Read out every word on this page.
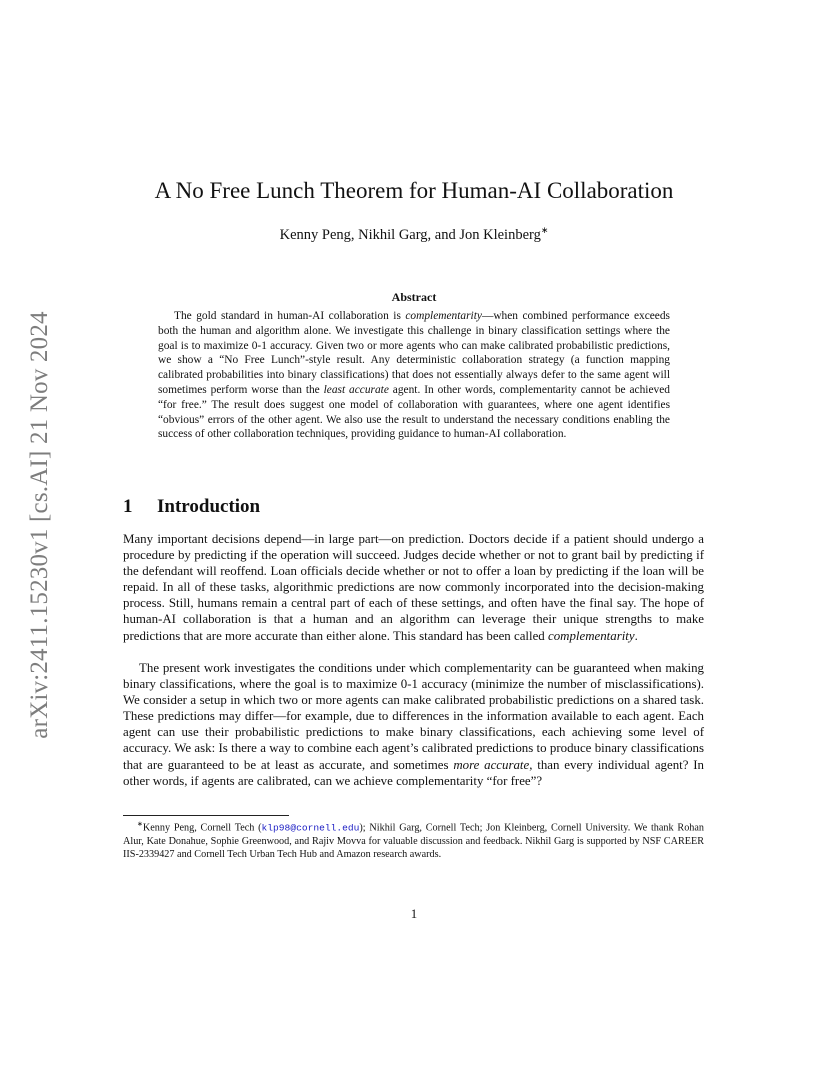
arXiv:2411.15230v1 [cs.AI] 21 Nov 2024
A No Free Lunch Theorem for Human-AI Collaboration
Kenny Peng, Nikhil Garg, and Jon Kleinberg∗
Abstract

The gold standard in human-AI collaboration is complementarity—when combined performance exceeds both the human and algorithm alone. We investigate this challenge in binary classification settings where the goal is to maximize 0-1 accuracy. Given two or more agents who can make calibrated probabilistic predictions, we show a “No Free Lunch”-style result. Any deterministic collaboration strategy (a function mapping calibrated probabilities into binary classifications) that does not essentially always defer to the same agent will sometimes perform worse than the least accurate agent. In other words, complementarity cannot be achieved “for free.” The result does suggest one model of collaboration with guarantees, where one agent identifies “obvious” errors of the other agent. We also use the result to understand the necessary conditions enabling the success of other collaboration techniques, providing guidance to human-AI collaboration.

1 Introduction

Many important decisions depend—in large part—on prediction. Doctors decide if a patient should undergo a procedure by predicting if the operation will succeed. Judges decide whether or not to grant bail by predicting if the defendant will reoffend. Loan officials decide whether or not to offer a loan by predicting if the loan will be repaid. In all of these tasks, algorithmic predictions are now commonly incorporated into the decision-making process. Still, humans remain a central part of each of these settings, and often have the final say. The hope of human-AI collaboration is that a human and an algorithm can leverage their unique strengths to make predictions that are more accurate than either alone. This standard has been called complementarity.

The present work investigates the conditions under which complementarity can be guaranteed when making binary classifications, where the goal is to maximize 0-1 accuracy (minimize the number of misclassifications). We consider a setup in which two or more agents can make calibrated probabilistic predictions on a shared task. These predictions may differ—for example, due to differences in the information available to each agent. Each agent can use their probabilistic predictions to make binary classifications, each achieving some level of accuracy. We ask: Is there a way to combine each agent’s calibrated predictions to produce binary classifications that are guaranteed to be at least as accurate, and sometimes more accurate, than every individual agent? In other words, if agents are calibrated, can we achieve complementarity “for free”?

∗Kenny Peng, Cornell Tech (klp98@cornell.edu); Nikhil Garg, Cornell Tech; Jon Kleinberg, Cornell University. We thank Rohan Alur, Kate Donahue, Sophie Greenwood, and Rajiv Movva for valuable discussion and feedback. Nikhil Garg is supported by NSF CAREER IIS-2339427 and Cornell Tech Urban Tech Hub and Amazon research awards.

1
